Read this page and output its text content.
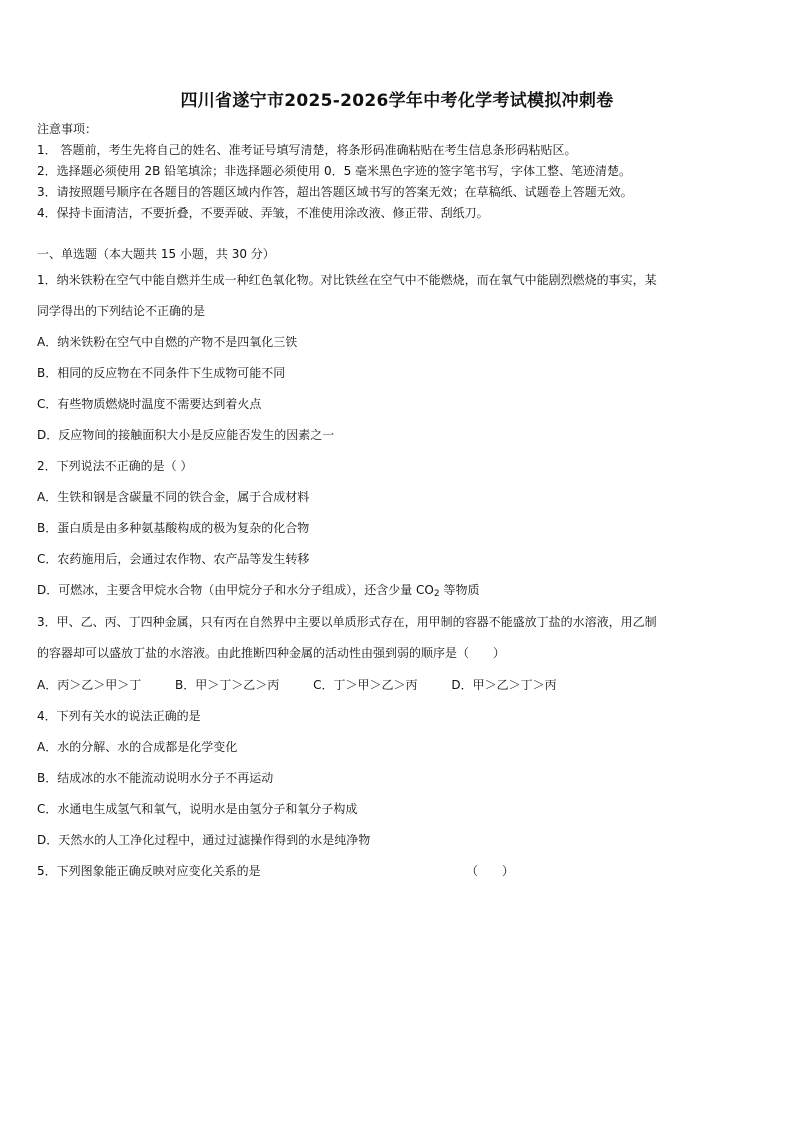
四川省遂宁市2025-2026学年中考化学考试模拟冲刺卷
注意事项：
1． 答题前，考生先将自己的姓名、准考证号填写清楚，将条形码准确粘贴在考生信息条形码粘贴区。
2．选择题必须使用 2B 铅笔填涂；非选择题必须使用 0．5 毫米黑色字迹的签字笔书写，字体工整、笔迹清楚。
3．请按照题号顺序在各题目的答题区域内作答，超出答题区域书写的答案无效；在草稿纸、试题卷上答题无效。
4．保持卡面清洁，不要折叠，不要弄破、弄皱，不准使用涂改液、修正带、刮纸刀。
一、单选题（本大题共 15 小题，共 30 分）
1．纳米铁粉在空气中能自燃并生成一种红色氧化物。对比铁丝在空气中不能燃烧，而在氧气中能剧烈燃烧的事实，某
同学得出的下列结论不正确的是
A．纳米铁粉在空气中自燃的产物不是四氧化三铁
B．相同的反应物在不同条件下生成物可能不同
C．有些物质燃烧时温度不需要达到着火点
D．反应物间的接触面积大小是反应能否发生的因素之一
2．下列说法不正确的是（ ）
A．生铁和钢是含碳量不同的铁合金，属于合成材料
B．蛋白质是由多种氨基酸构成的极为复杂的化合物
C．农药施用后，会通过农作物、农产品等发生转移
D．可燃冰，主要含甲烷水合物（由甲烷分子和水分子组成），还含少量 $CO_2$ 等物质
3．甲、乙、丙、丁四种金属，只有丙在自然界中主要以单质形式存在，用甲制的容器不能盛放丁盐的水溶液，用乙制
的容器却可以盛放丁盐的水溶液。由此推断四种金属的活动性由强到弱的顺序是（　　）
A．丙＞乙＞甲＞丁	B．甲＞丁＞乙＞丙	C．丁＞甲＞乙＞丙	D．甲＞乙＞丁＞丙
4．下列有关水的说法正确的是
A．水的分解、水的合成都是化学变化
B．结成冰的水不能流动说明水分子不再运动
C．水通电生成氢气和氧气，说明水是由氢分子和氧分子构成
D．天然水的人工净化过程中，通过过滤操作得到的水是纯净物
5．下列图象能正确反映对应变化关系的是	（　　）
